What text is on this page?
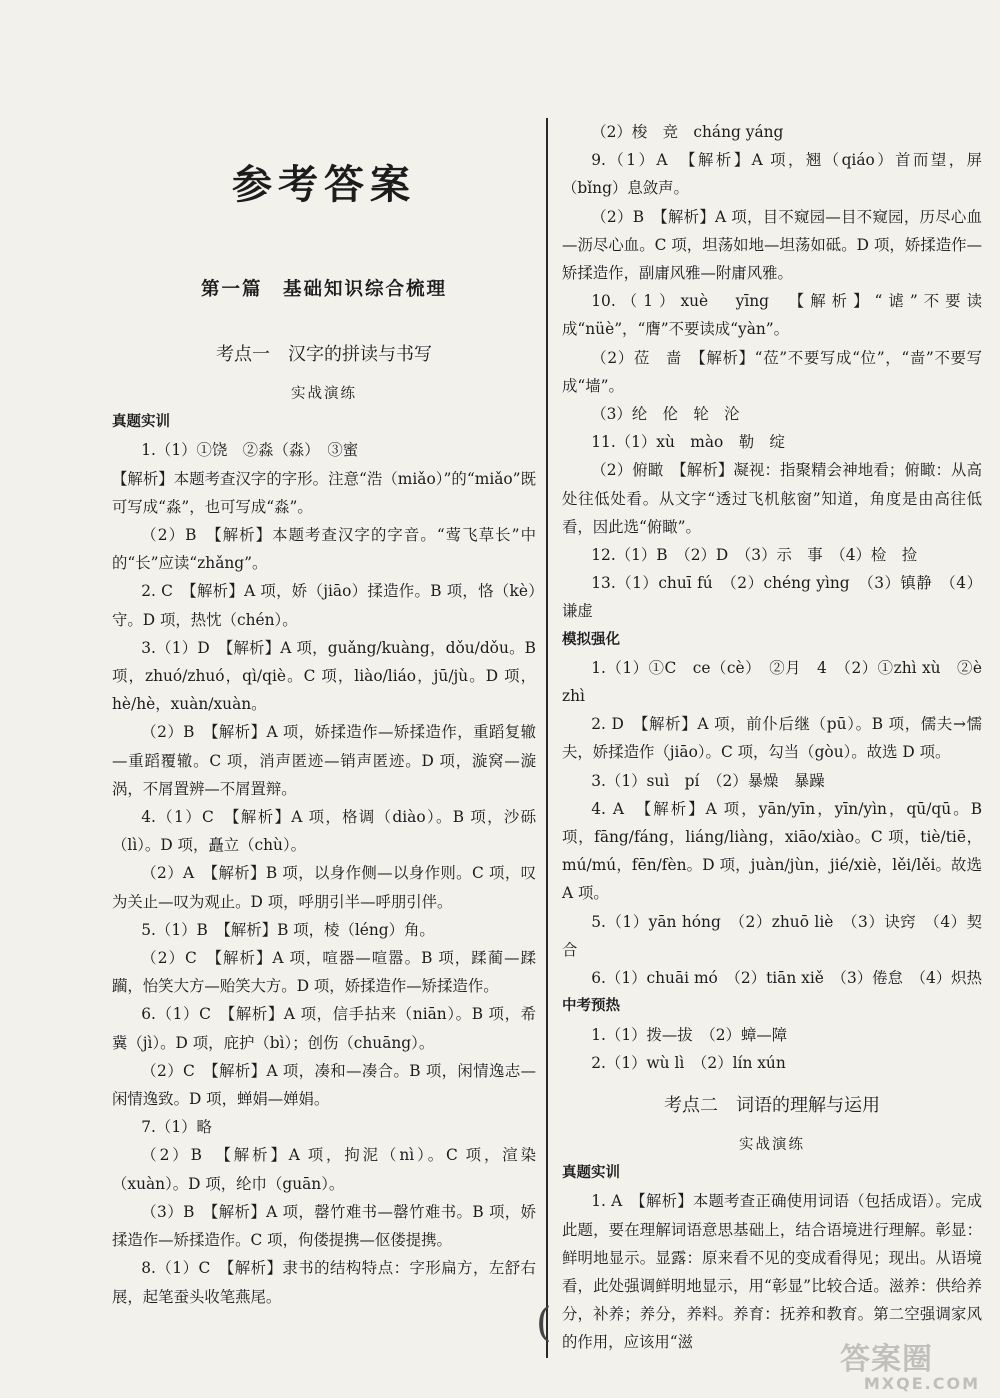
参考答案
第一篇　基础知识综合梳理
考点一　汉字的拼读与书写
实战演练
真题实训

1.（1）①饶　②淼（淼）　③蜜

【解析】本题考查汉字的字形。注意“浩（miǎo）”的“miǎo”既可写成“淼”，也可写成“淼”。

（2）B　【解析】本题考查汉字的字音。“莺飞草长”中的“长”应读“zhǎng”。

2. C　【解析】A 项，娇（jiāo）揉造作。B 项，恪（kè）守。D 项，热忱（chén）。

3.（1）D　【解析】A 项，guǎng/kuàng，dǒu/dǒu。B 项，zhuó/zhuó，qì/qiè。C 项，liào/liáo，jū/jù。D 项，hè/hè，xuàn/xuàn。

（2）B　【解析】A 项，娇揉造作—矫揉造作，重蹈复辙—重蹈覆辙。C 项，消声匿迹—销声匿迹。D 项，漩窝—漩涡，不屑置辨—不屑置辩。

4.（1）C　【解析】A 项，格调（diào）。B 项，沙砾（lì）。D 项，矗立（chù）。

（2）A　【解析】B 项，以身作侧—以身作则。C 项，叹为关止—叹为观止。D 项，呼朋引半—呼朋引伴。

5.（1）B　【解析】B 项，棱（léng）角。

（2）C　【解析】A 项，喧器—喧嚣。B 项，蹂蔺—蹂躏，怡笑大方—贻笑大方。D 项，娇揉造作—矫揉造作。

6.（1）C　【解析】A 项，信手拈来（niān）。B 项，希冀（jì）。D 项，庇护（bì）；创伤（chuāng）。

（2）C　【解析】A 项，凑和—凑合。B 项，闲情逸志—闲情逸致。D 项，蝉娟—婵娟。

7.（1）略

（2）B　【解析】A 项，拘泥（nì）。C 项，渲染（xuàn）。D 项，纶巾（guān）。

（3）B　【解析】A 项，罄竹难书—罄竹难书。B 项，娇揉造作—矫揉造作。C 项，佝偻提携—伛偻提携。

8.（1）C　【解析】隶书的结构特点：字形扁方，左舒右展，起笔蚕头收笔燕尾。

（2）梭　竞　cháng yáng

9.（1）A　【解析】A 项，翘（qiáo）首而望，屏（bǐng）息敛声。

（2）B　【解析】A 项，目不窥园—目不窥园，历尽心血—沥尽心血。C 项，坦荡如地—坦荡如砥。D 项，娇揉造作—矫揉造作，副庸风雅—附庸风雅。

10.（1）xuè　yīng　【解析】“谑”不要读成“nüè”，“膺”不要读成“yàn”。

（2）莅　啬　【解析】“莅”不要写成“位”，“啬”不要写成“墙”。

（3）纶　伦　轮　沦

11.（1）xù　mào　勒　绽

（2）俯瞰　【解析】凝视：指聚精会神地看；俯瞰：从高处往低处看。从文字“透过飞机舷窗”知道，角度是由高往低看，因此选“俯瞰”。

12.（1）B　（2）D　（3）示　事　（4）检　捡

13.（1）chuī fú　（2）chéng yìng　（3）镇静　（4）谦虚

模拟强化

1.（1）①C　ce（cè）　②月　4　（2）①zhì xù　②è zhì

2. D　【解析】A 项，前仆后继（pū）。B 项，儒夫→懦夫，娇揉造作（jiāo）。C 项，勾当（gòu）。故选 D 项。

3.（1）suì　pí　（2）暴燥　暴躁

4. A　【解析】A 项，yān/yīn，yīn/yìn，qū/qū。B 项，fāng/fáng，liáng/liàng，xiāo/xiào。C 项，tiè/tiē，mú/mú，fēn/fèn。D 项，juàn/jùn，jié/xiè，lěi/lěi。故选 A 项。

5.（1）yān hóng　（2）zhuō liè　（3）诀窍　（4）契合

6.（1）chuāi mó　（2）tiān xiě　（3）倦怠　（4）炽热

中考预热

1.（1）拨—拔　（2）蟑—障

2.（1）wù lì　（2）lín xún

考点二　词语的理解与运用
实战演练
真题实训

1. A　【解析】本题考查正确使用词语（包括成语）。完成此题，要在理解词语意思基础上，结合语境进行理解。彰显：鲜明地显示。显露：原来看不见的变成看得见；现出。从语境看，此处强调鲜明地显示，用“彰显”比较合适。滋养：供给养分，补养；养分，养料。养育：抚养和教育。第二空强调家风的作用，应该用“滋

(
答案圈
MXQE.COM
